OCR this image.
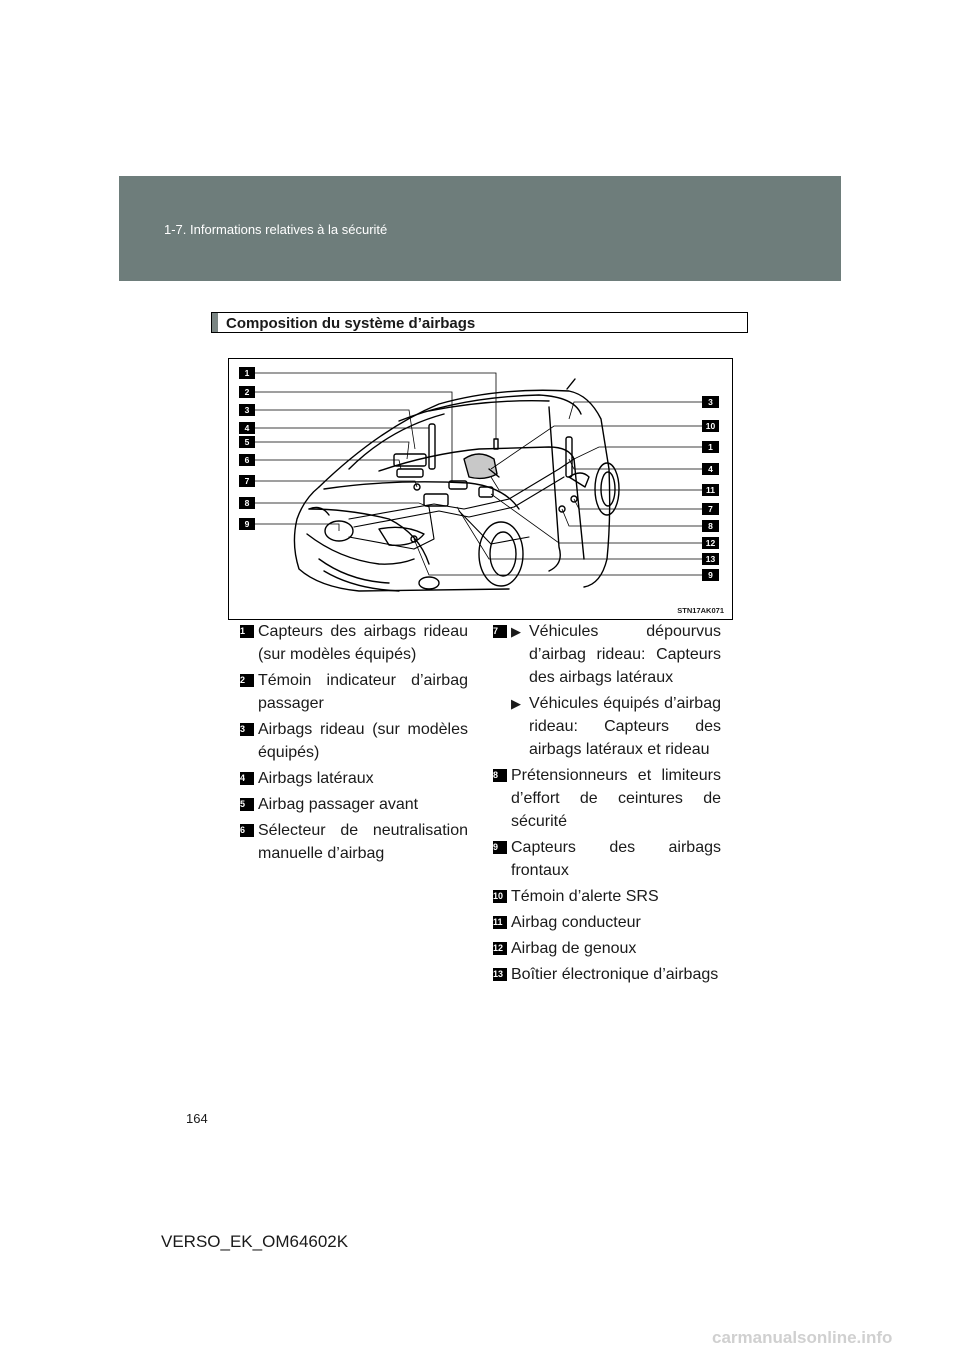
1-7. Informations relatives à la sécurité
Composition du système d’airbags
1
2
3
4
5
6
7
8
9
3
10
1
4
11
7
8
12
13
9
STN17AK071
1 Capteurs des airbags rideau (sur modèles équipés)
2 Témoin indicateur d’airbag passager
3 Airbags rideau (sur modèles équipés)
4 Airbags latéraux
5 Airbag passager avant
6 Sélecteur de neutralisation manuelle d’airbag
7 ▶ Véhicules dépourvus d’airbag rideau: Capteurs des airbags latéraux
▶ Véhicules équipés d’airbag rideau: Capteurs des airbags latéraux et rideau
8 Prétensionneurs et limiteurs d’effort de ceintures de sécurité
9 Capteurs des airbags frontaux
10 Témoin d’alerte SRS
11 Airbag conducteur
12 Airbag de genoux
13 Boîtier électronique d’airbags
164
VERSO_EK_OM64602K
carmanualsonline.info
